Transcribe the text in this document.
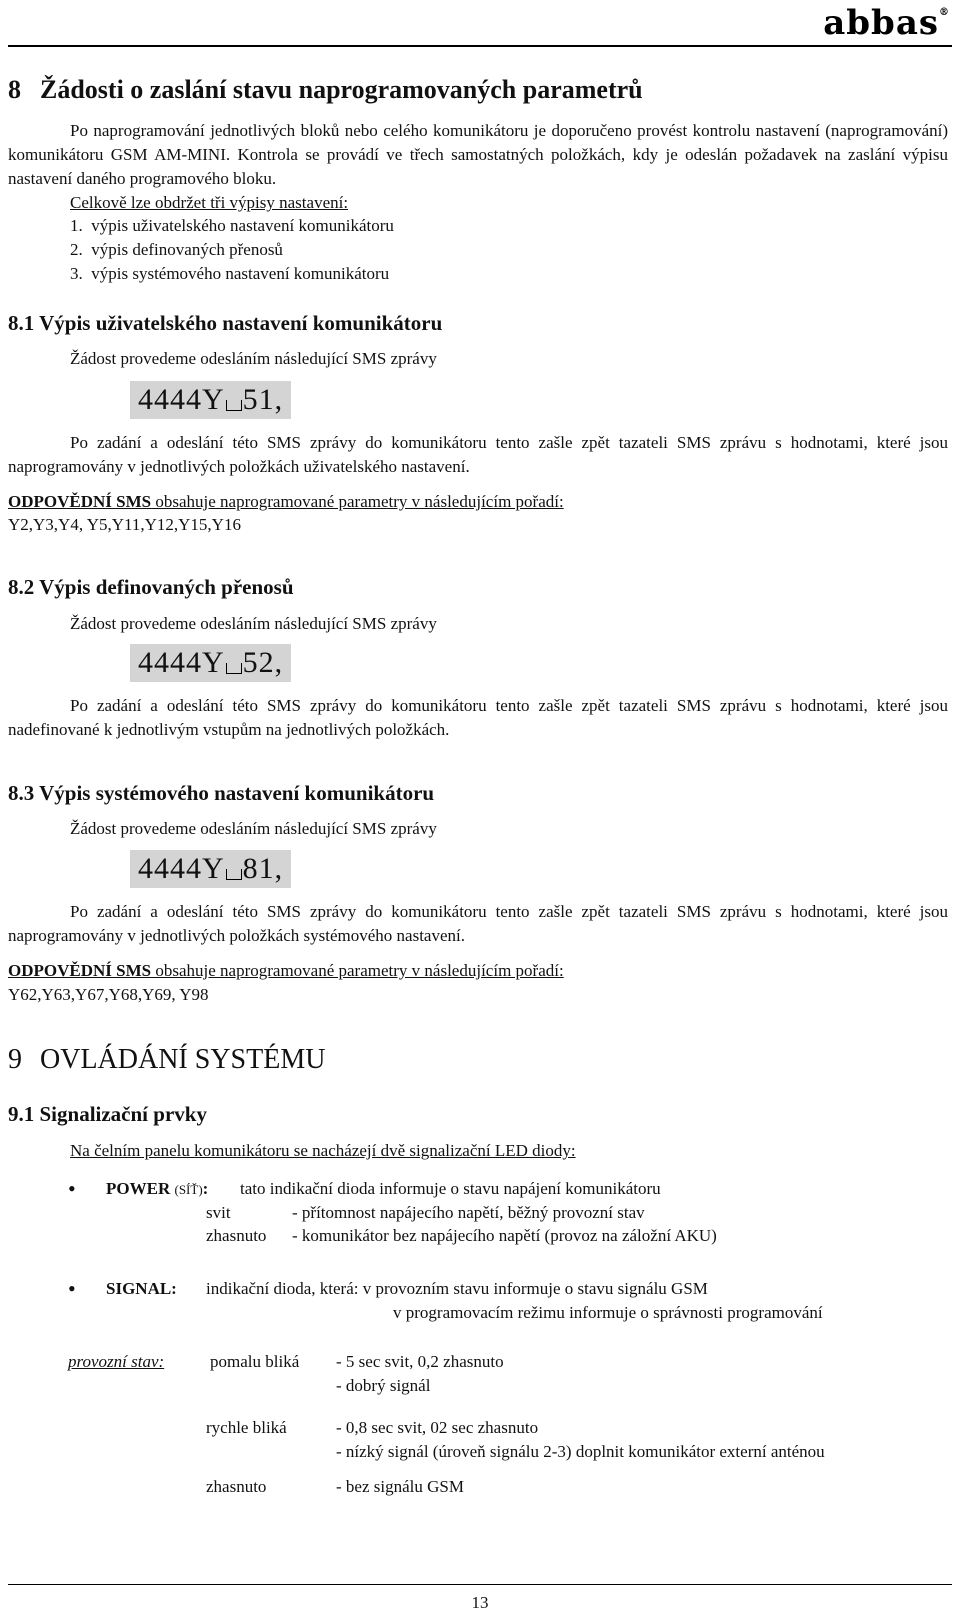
abbas®
8 Žádosti o zaslání stavu naprogramovaných parametrů
Po naprogramování jednotlivých bloků nebo celého komunikátoru je doporučeno provést kontrolu nastavení (naprogramování) komunikátoru GSM AM-MINI. Kontrola se provádí ve třech samostatných položkách, kdy je odeslán požadavek na zaslání výpisu nastavení daného programového bloku.
Celkově lze obdržet tři výpisy nastavení:
1. výpis uživatelského nastavení komunikátoru
2. výpis definovaných přenosů
3. výpis systémového nastavení komunikátoru
8.1 Výpis uživatelského nastavení komunikátoru
Žádost provedeme odesláním následující SMS zprávy
4444Y 51,
Po zadání a odeslání této SMS zprávy do komunikátoru tento zašle zpět tazateli SMS zprávu s hodnotami, které jsou naprogramovány v jednotlivých položkách uživatelského nastavení.
ODPOVĚDNÍ SMS obsahuje naprogramované parametry v následujícím pořadí:
Y2,Y3,Y4, Y5,Y11,Y12,Y15,Y16
8.2 Výpis definovaných přenosů
Žádost provedeme odesláním následující SMS zprávy
4444Y 52,
Po zadání a odeslání této SMS zprávy do komunikátoru tento zašle zpět tazateli SMS zprávu s hodnotami, které jsou nadefinované k jednotlivým vstupům na jednotlivých položkách.
8.3 Výpis systémového nastavení komunikátoru
Žádost provedeme odesláním následující SMS zprávy
4444Y 81,
Po zadání a odeslání této SMS zprávy do komunikátoru tento zašle zpět tazateli SMS zprávu s hodnotami, které jsou naprogramovány v jednotlivých položkách systémového nastavení.
ODPOVĚDNÍ SMS obsahuje naprogramované parametry v následujícím pořadí:
Y62,Y63,Y67,Y68,Y69, Y98
9 OVLÁDÁNÍ SYSTÉMU
9.1 Signalizační prvky
Na čelním panelu komunikátoru se nacházejí dvě signalizační LED diody:
• POWER (SÍŤ): tato indikační dioda informuje o stavu napájení komunikátoru
svit	- přítomnost napájecího napětí, běžný provozní stav
zhasnuto - komunikátor bez napájecího napětí (provoz na záložní AKU)
• SIGNAL: indikační dioda, která: v provozním stavu informuje o stavu signálu GSM
v programovacím režimu informuje o správnosti programování
provozní stav:	pomalu bliká - 5 sec svit, 0,2 zhasnuto
- dobrý signál
rychle bliká	- 0,8 sec svit, 02 sec zhasnuto
- nízký signál (úroveň signálu 2-3) doplnit komunikátor externí anténou
zhasnuto	- bez signálu GSM
13
